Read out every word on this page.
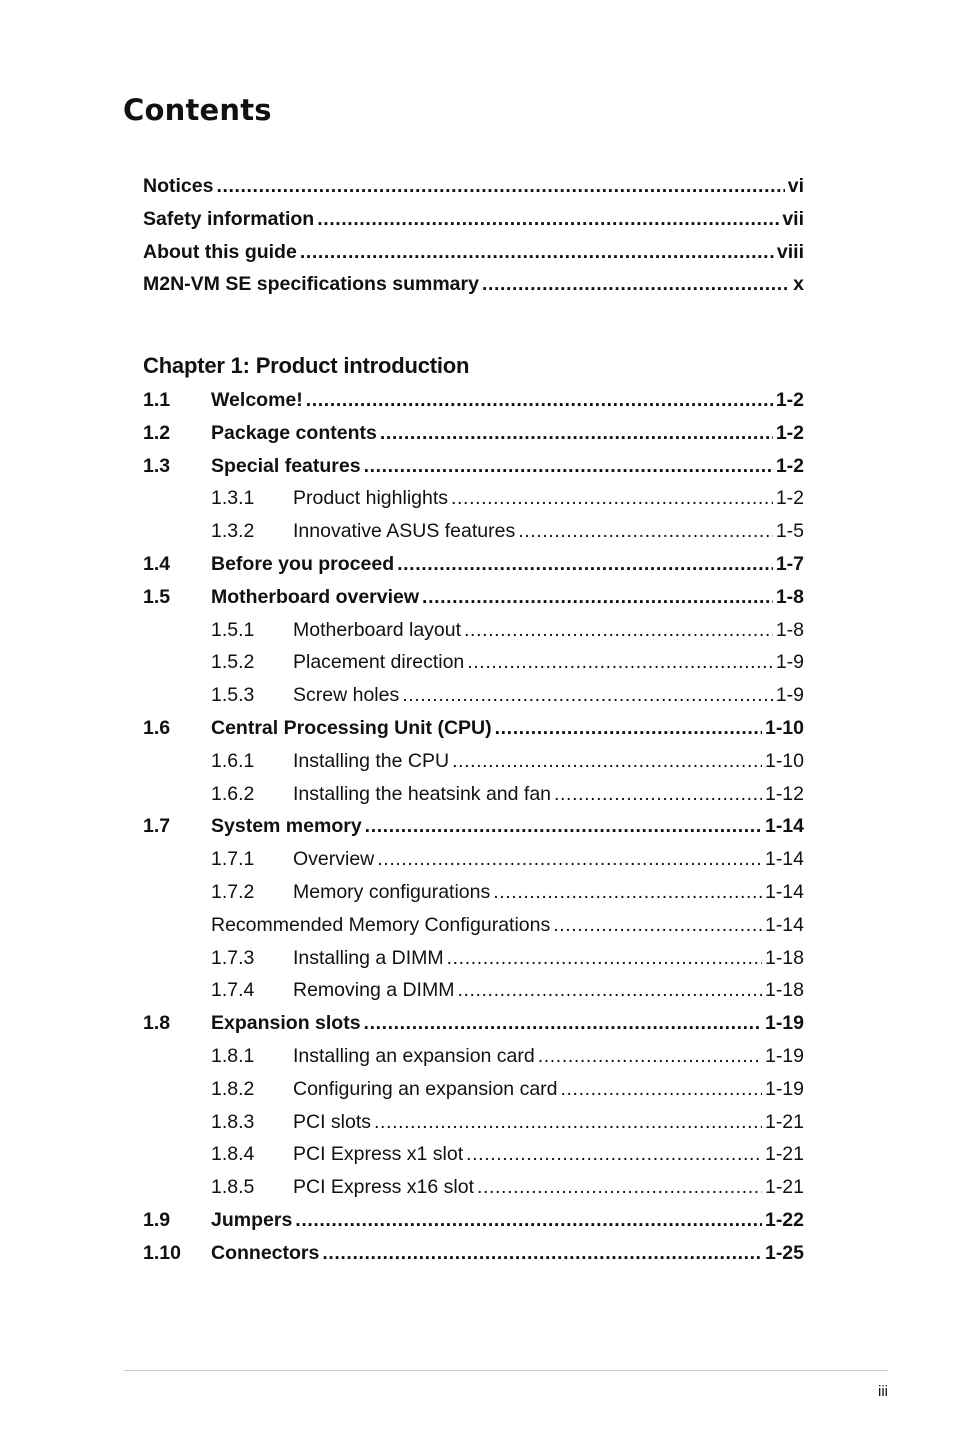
Contents
Notices .....	vi
Safety information .....	vii
About this guide .....	viii
M2N-VM SE specifications summary .....	x
Chapter 1: Product introduction
1.1	Welcome! .....	1-2
1.2	Package contents .....	1-2
1.3	Special features .....	1-2
1.3.1	Product highlights .....	1-2
1.3.2	Innovative ASUS features .....	1-5
1.4	Before you proceed .....	1-7
1.5	Motherboard overview .....	1-8
1.5.1	Motherboard layout .....	1-8
1.5.2	Placement direction .....	1-9
1.5.3	Screw holes .....	1-9
1.6	Central Processing Unit (CPU) .....	1-10
1.6.1	Installing the CPU .....	1-10
1.6.2	Installing the heatsink and fan .....	1-12
1.7	System memory .....	1-14
1.7.1	Overview .....	1-14
1.7.2	Memory configurations .....	1-14
Recommended Memory Configurations .....	1-14
1.7.3	Installing a DIMM .....	1-18
1.7.4	Removing a DIMM .....	1-18
1.8	Expansion slots .....	1-19
1.8.1	Installing an expansion card .....	1-19
1.8.2	Configuring an expansion card .....	1-19
1.8.3	PCI slots .....	1-21
1.8.4	PCI Express x1 slot .....	1-21
1.8.5	PCI Express x16 slot .....	1-21
1.9	Jumpers .....	1-22
1.10	Connectors .....	1-25
iii
